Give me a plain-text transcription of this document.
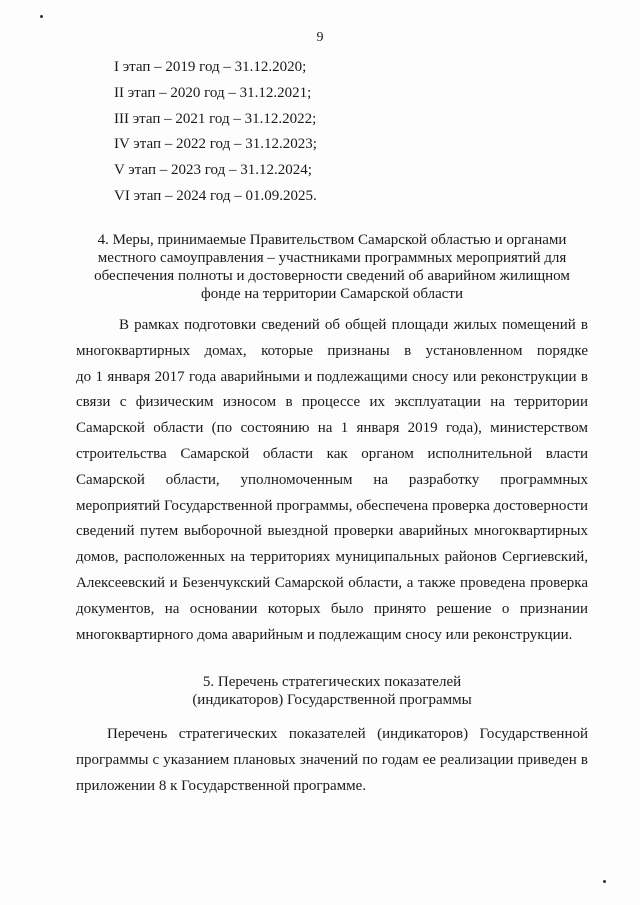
9
I этап – 2019 год – 31.12.2020;
II этап – 2020 год – 31.12.2021;
III этап – 2021 год – 31.12.2022;
IV этап – 2022 год – 31.12.2023;
V этап – 2023 год – 31.12.2024;
VI этап – 2024 год – 01.09.2025.
4. Меры, принимаемые Правительством Самарской областью и органами
местного самоуправления – участниками программных мероприятий для
обеспечения полноты и достоверности сведений об аварийном жилищном
фонде на территории Самарской области
В рамках подготовки сведений об общей площади жилых помещений в
многоквартирных домах, которые признаны в установленном порядке
до 1 января 2017 года аварийными и подлежащими сносу или реконструкции в
связи с физическим износом в процессе их эксплуатации на территории
Самарской области (по состоянию на 1 января 2019 года), министерством
строительства Самарской области как органом исполнительной власти
Самарской области, уполномоченным на разработку программных
мероприятий Государственной программы, обеспечена проверка достоверности
сведений путем выборочной выездной проверки аварийных многоквартирных
домов, расположенных на территориях муниципальных районов Сергиевский,
Алексеевский и Безенчукский Самарской области, а также проведена проверка
документов, на основании которых было принято решение о признании
многоквартирного дома аварийным и подлежащим сносу или реконструкции.
5. Перечень стратегических показателей
(индикаторов) Государственной программы
Перечень стратегических показателей (индикаторов) Государственной
программы с указанием плановых значений по годам ее реализации приведен в
приложении 8 к Государственной программе.
